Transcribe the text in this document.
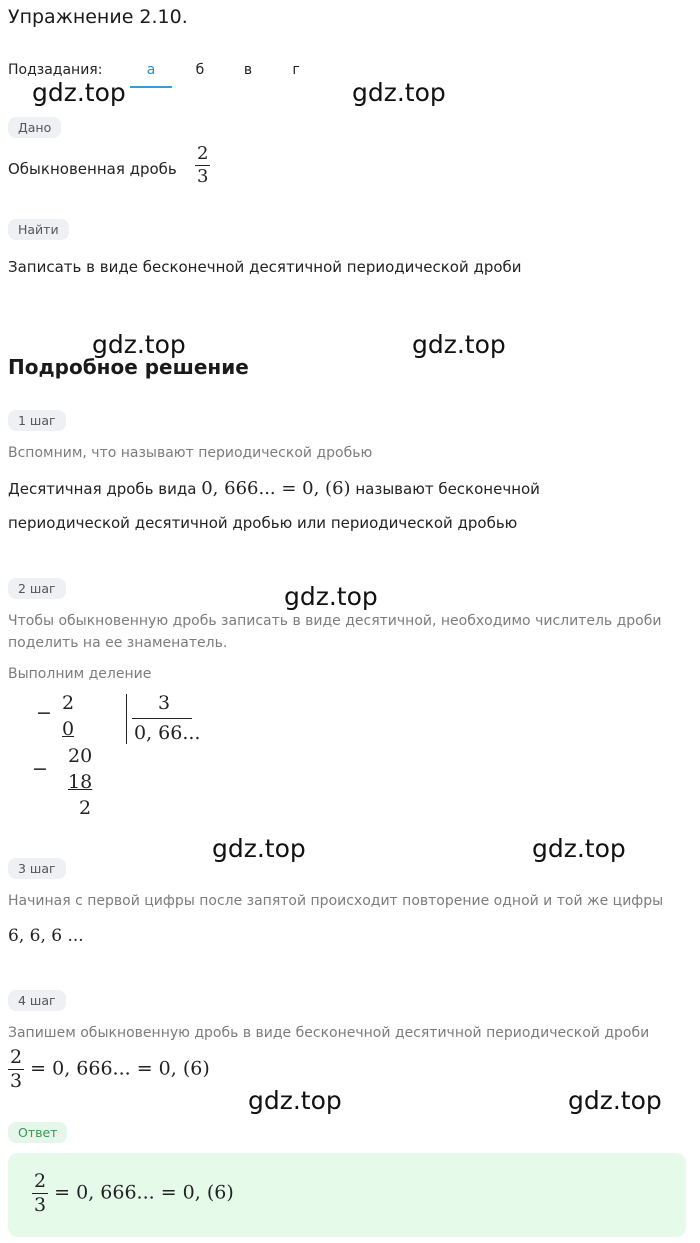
Упражнение 2.10.
Подзадания:	а	б	в	г
Дано
Обыкновенная дробь $\frac{2}{3}$
Найти
Записать в виде бесконечной десятичной периодической дроби
Подробное решение
1 шаг
Вспомним, что называют периодической дробью
Десятичная дробь вида 0, 666... = 0, (6) называют бесконечной
периодической десятичной дробью или периодической дробью
2 шаг
Чтобы обыкновенную дробь записать в виде десятичной, необходимо числитель дроби поделить на ее знаменатель.
Выполним деление
− 2
0
3
0, 66...
−
20
18
2
3 шаг
Начиная с первой цифры после запятой происходит повторение одной и той же цифры
6, 6, 6 ...
4 шаг
Запишем обыкновенную дробь в виде бесконечной десятичной периодической дроби
$\frac{2}{3} = 0$, 666... = 0, (6)
Ответ
$\frac{2}{3} = 0$, 666... = 0, (6)
gdz.top	gdz.top
gdz.top	gdz.top
gdz.top
gdz.top	gdz.top
gdz.top	gdz.top
